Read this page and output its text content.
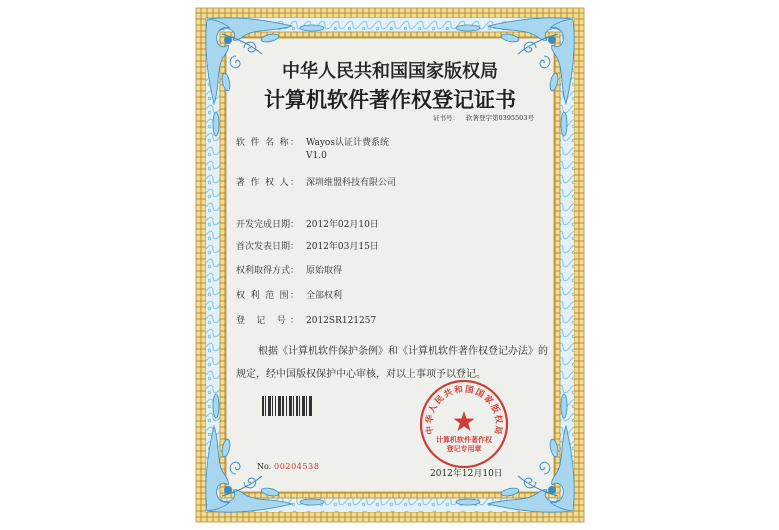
中华人民共和国国家版权局
计算机软件著作权登记证书
证书号： 软著登字第0395503号
软 件 名 称： Wayos认证计费系统
V1.0
著 作 权 人： 深圳维盟科技有限公司
开发完成日期： 2012年02月10日
首次发表日期： 2012年03月15日
权利取得方式： 原始取得
权 利 范 围： 全部权利
登 记 号： 2012SR121257
根据《计算机软件保护条例》和《计算机软件著作权登记办法》的
规定，经中国版权保护中心审核，对以上事项予以登记。
No. 00204538
2012年12月10日
中华人民共和国国家版权局
计算机软件著作权
登记专用章
